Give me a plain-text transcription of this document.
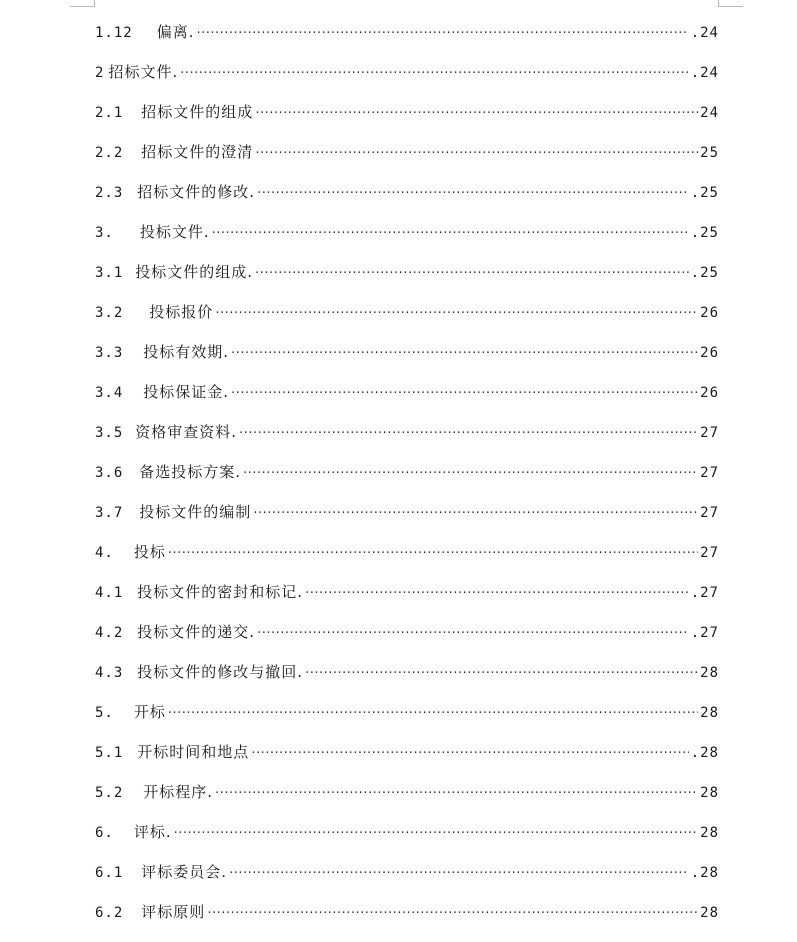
1.12 偏离. ·····	.24
2 招标文件. ·····	.24
2.1 招标文件的组成 ·····	24
2.2 招标文件的澄清 ·····	25
2.3 招标文件的修改. ·····	.25
3. 投标文件. ·····	.25
3.1 投标文件的组成. ·····	.25
3.2 投标报价 ·····	26
3.3 投标有效期. ·····	26
3.4 投标保证金. ·····	26
3.5 资格审查资料. ·····	27
3.6 备选投标方案. ·····	27
3.7 投标文件的编制 ·····	27
4. 投标 ·····	27
4.1 投标文件的密封和标记. ·····	.27
4.2 投标文件的递交. ·····	.27
4.3 投标文件的修改与撤回. ·····	28
5. 开标 ·····	28
5.1 开标时间和地点 ·····	.28
5.2 开标程序. ·····	28
6. 评标. ·····	28
6.1 评标委员会. ·····	.28
6.2 评标原则 ·····	28
